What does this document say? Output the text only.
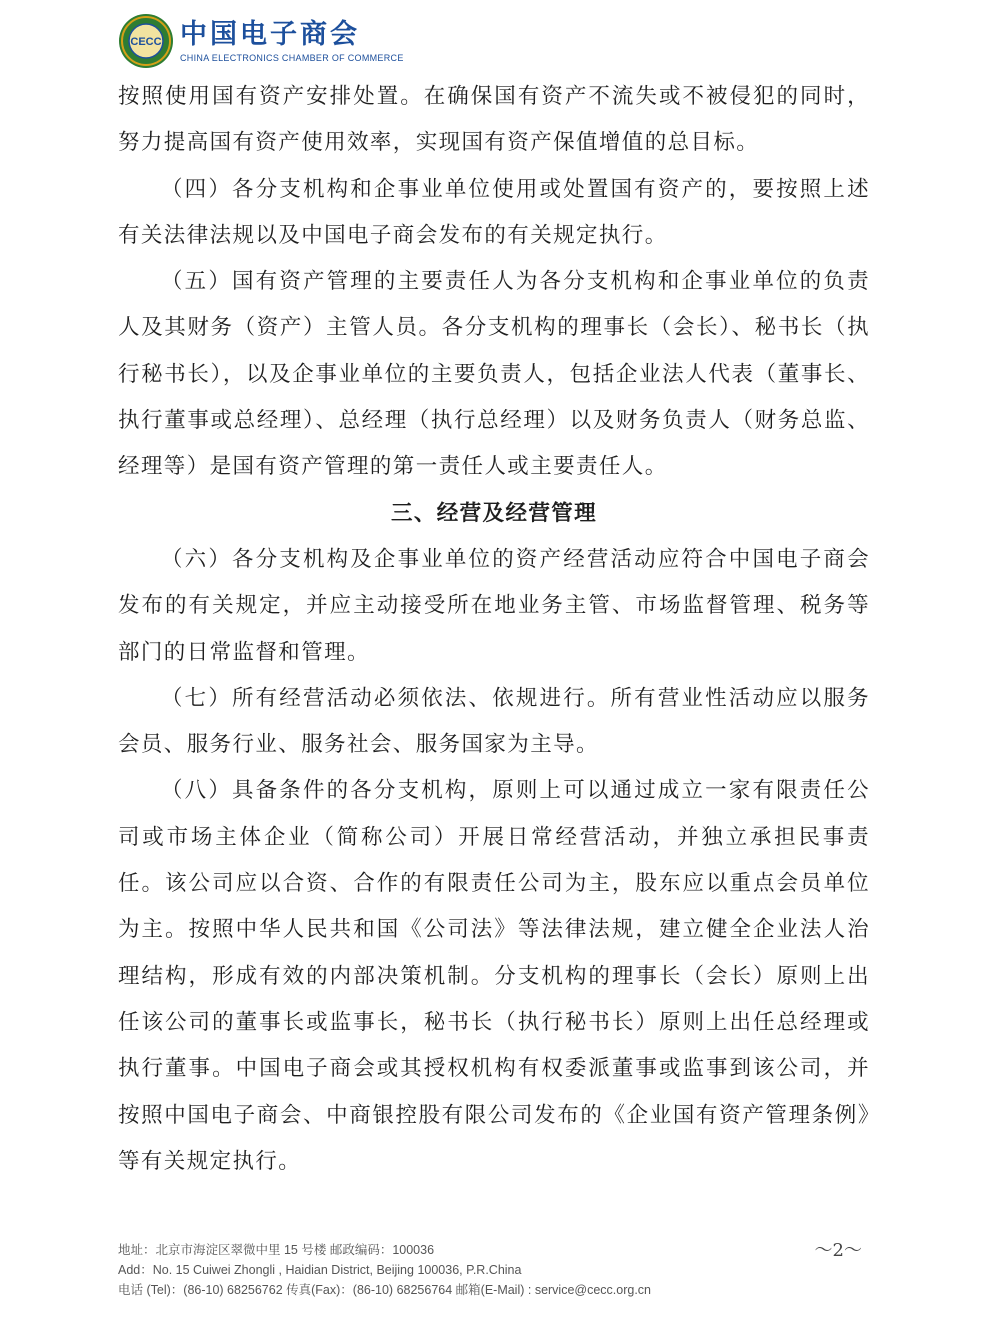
CECC 中国电子商会
CHINA ELECTRONICS CHAMBER OF COMMERCE

按照使用国有资产安排处置。在确保国有资产不流失或不被侵犯的同时，努力提高国有资产使用效率，实现国有资产保值增值的总目标。

（四）各分支机构和企事业单位使用或处置国有资产的，要按照上述有关法律法规以及中国电子商会发布的有关规定执行。

（五）国有资产管理的主要责任人为各分支机构和企事业单位的负责人及其财务（资产）主管人员。各分支机构的理事长（会长）、秘书长（执行秘书长），以及企事业单位的主要负责人，包括企业法人代表（董事长、执行董事或总经理）、总经理（执行总经理）以及财务负责人（财务总监、经理等）是国有资产管理的第一责任人或主要责任人。

三、经营及经营管理

（六）各分支机构及企事业单位的资产经营活动应符合中国电子商会发布的有关规定，并应主动接受所在地业务主管、市场监督管理、税务等部门的日常监督和管理。

（七）所有经营活动必须依法、依规进行。所有营业性活动应以服务会员、服务行业、服务社会、服务国家为主导。

（八）具备条件的各分支机构，原则上可以通过成立一家有限责任公司或市场主体企业（简称公司）开展日常经营活动，并独立承担民事责任。该公司应以合资、合作的有限责任公司为主，股东应以重点会员单位为主。按照中华人民共和国《公司法》等法律法规，建立健全企业法人治理结构，形成有效的内部决策机制。分支机构的理事长（会长）原则上出任该公司的董事长或监事长，秘书长（执行秘书长）原则上出任总经理或执行董事。中国电子商会或其授权机构有权委派董事或监事到该公司，并按照中国电子商会、中商银控股有限公司发布的《企业国有资产管理条例》等有关规定执行。

地址：北京市海淀区翠微中里 15 号楼 邮政编码：100036
Add：No. 15 Cuiwei Zhongli , Haidian District, Beijing 100036, P.R.China
电话 (Tel)：(86-10) 68256762 传真(Fax)：(86-10) 68256764 邮箱(E-Mail) : service@cecc.org.cn
～2～
